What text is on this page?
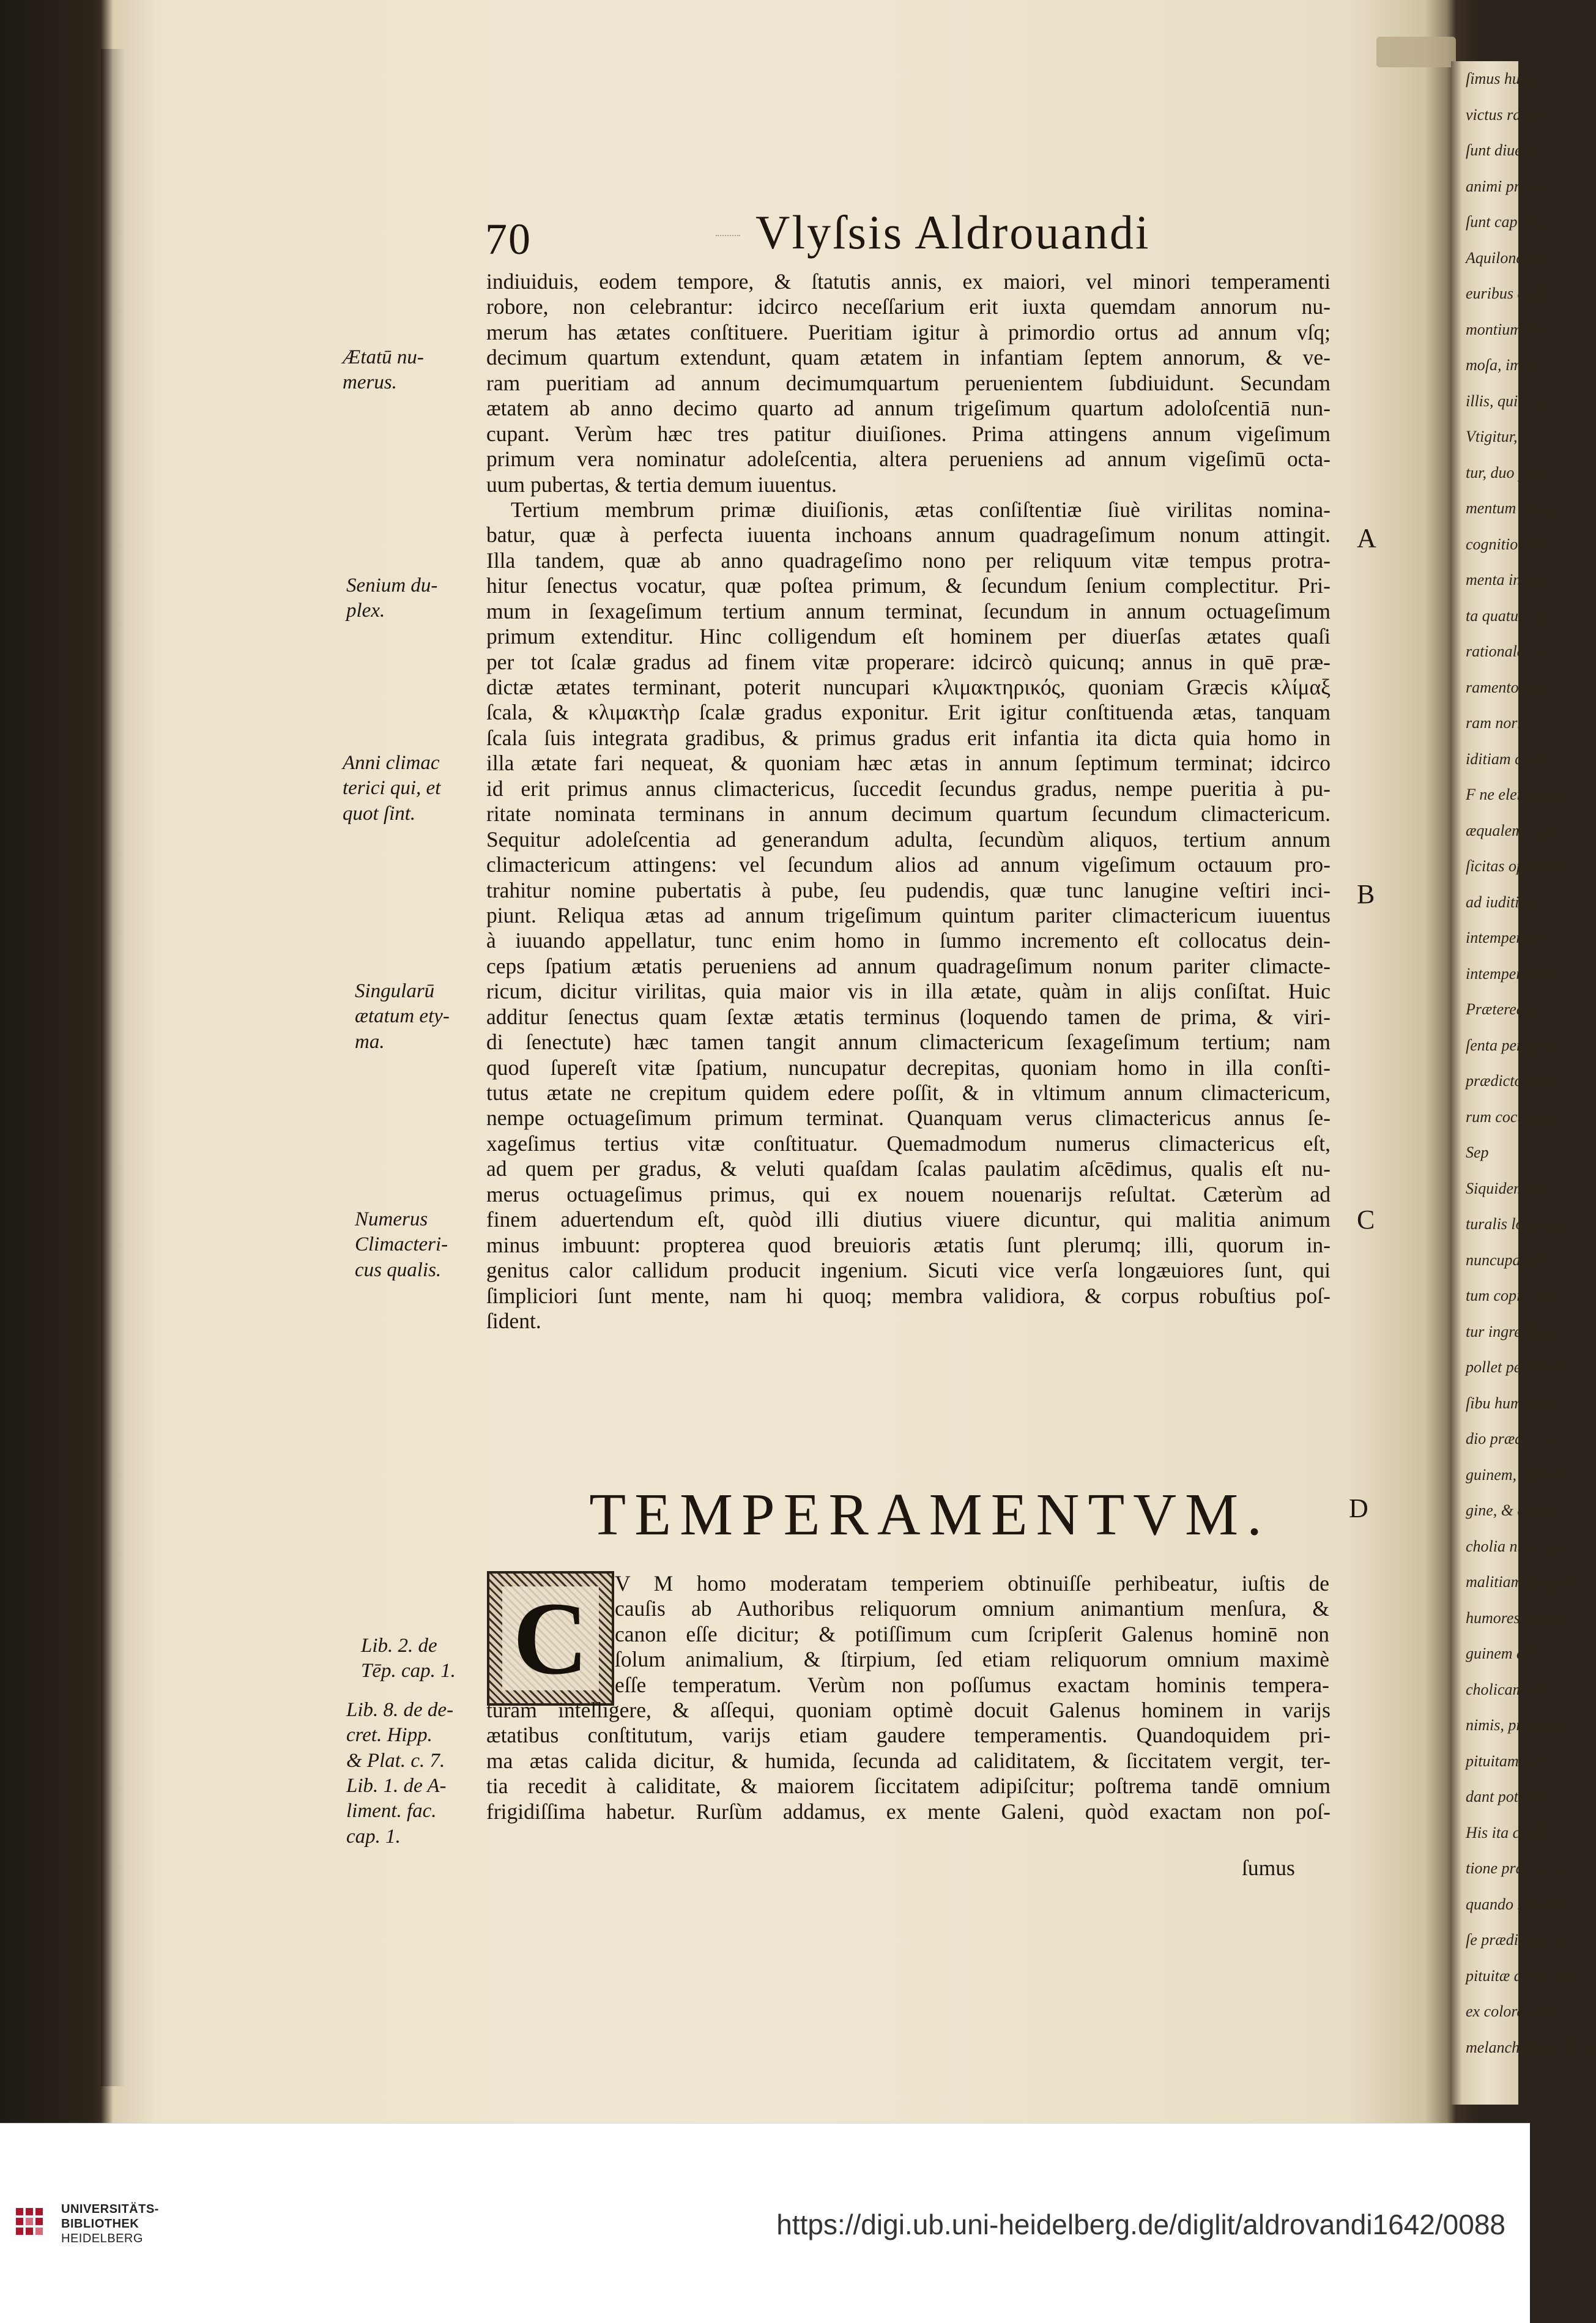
ſimus huma
victus ration
ſunt diuerſa
animi propter
ſunt capillis,
Aquilonarem
euribus craſſ
montium Acc
moſa, immò t
illis, qui in pl
Vtigitur, n
tur, duo præ
mentum aliqu
cognitione hi
menta in hou
ta quatuor ſi
rationales qu
ramentorum
ram norma p
iditiam conſ
F ne elementor
æqualem ad iu
ſicitas operatio
ad iuditiam,
intemperatum
intemperatis v
Præterea e
ſenta per ſpati
prædicto temp
rum coctionem
Sep
Siquidem ali
turalis locata a
nuncupatam t
tum copia refe
tur ingrediatur
pollet per vena
ſibu humani c
dio prædictam
guinem, ſed ma
gine, & alba r
cholia nuncupat
malitiam ſanguir
humores omni t
guinem ad
cholicam terr
nimis, prædicta
pituitam aeri
dant poterit.
His ita conſt
tione prædomin
quando homo e
ſe prædictus: hu
pituitæ dominium
ex colore inter ſ
melancholiam, & ſic
70	Vlyſsis Aldrouandi
indiuiduis, eodem tempore, & ſtatutis annis, ex maiori, vel minori temperamenti
robore, non celebrantur: idcirco neceſſarium erit iuxta quemdam annorum nu-
merum has ætates conſtituere. Pueritiam igitur à primordio ortus ad annum vſq;
decimum quartum extendunt, quam ætatem in infantiam ſeptem annorum, & ve-
ram pueritiam ad annum decimumquartum peruenientem ſubdiuidunt. Secundam
ætatem ab anno decimo quarto ad annum trigeſimum quartum adoloſcentiā nun-
cupant. Verùm hæc tres patitur diuiſiones. Prima attingens annum vigeſimum
primum vera nominatur adoleſcentia, altera perueniens ad annum vigeſimū octa-
uum pubertas, & tertia demum iuuentus.
Tertium membrum primæ diuiſionis, ætas conſiſtentiæ ſiuè virilitas nomina-
batur, quæ à perfecta iuuenta inchoans annum quadrageſimum nonum attingit.
Illa tandem, quæ ab anno quadrageſimo nono per reliquum vitæ tempus protra-
hitur ſenectus vocatur, quæ poſtea primum, & ſecundum ſenium complectitur. Pri-
mum in ſexageſimum tertium annum terminat, ſecundum in annum octuageſimum
primum extenditur. Hinc colligendum eſt hominem per diuerſas ætates quaſi
per tot ſcalæ gradus ad finem vitæ properare: idcircò quicunq; annus in quē præ-
dictæ ætates terminant, poterit nuncupari κλιμακτηρικός, quoniam Græcis κλίμαξ
ſcala, & κλιμακτὴρ ſcalæ gradus exponitur. Erit igitur conſtituenda ætas, tanquam
ſcala ſuis integrata gradibus, & primus gradus erit infantia ita dicta quia homo in
illa ætate fari nequeat, & quoniam hæc ætas in annum ſeptimum terminat; idcirco
id erit primus annus climactericus, ſuccedit ſecundus gradus, nempe pueritia à pu-
ritate nominata terminans in annum decimum quartum ſecundum climactericum.
Sequitur adoleſcentia ad generandum adulta, ſecundùm aliquos, tertium annum
climactericum attingens: vel ſecundum alios ad annum vigeſimum octauum pro-
trahitur nomine pubertatis à pube, ſeu pudendis, quæ tunc lanugine veſtiri inci-
piunt. Reliqua ætas ad annum trigeſimum quintum pariter climactericum iuuentus
à iuuando appellatur, tunc enim homo in ſummo incremento eſt collocatus dein-
ceps ſpatium ætatis perueniens ad annum quadrageſimum nonum pariter climacte-
ricum, dicitur virilitas, quia maior vis in illa ætate, quàm in alijs conſiſtat. Huic
additur ſenectus quam ſextæ ætatis terminus (loquendo tamen de prima, & viri-
di ſenectute) hæc tamen tangit annum climactericum ſexageſimum tertium; nam
quod ſupereſt vitæ ſpatium, nuncupatur decrepitas, quoniam homo in illa conſti-
tutus ætate ne crepitum quidem edere poſſit, & in vltimum annum climactericum,
nempe octuageſimum primum terminat. Quanquam verus climactericus annus ſe-
xageſimus tertius vitæ conſtituatur. Quemadmodum numerus climactericus eſt,
ad quem per gradus, & veluti quaſdam ſcalas paulatim aſcēdimus, qualis eſt nu-
merus octuageſimus primus, qui ex nouem nouenarijs reſultat. Cæterùm ad
finem aduertendum eſt, quòd illi diutius viuere dicuntur, qui malitia animum
minus imbuunt: propterea quod breuioris ætatis ſunt plerumq; illi, quorum in-
genitus calor callidum producit ingenium. Sicuti vice verſa longæuiores ſunt, qui
ſimpliciori ſunt mente, nam hi quoq; membra validiora, & corpus robuſtius poſ-
ſident.
Ætatū nu-
merus.
Senium du-
plex.
Anni climac
terici qui, et
quot ſint.
Singularū
ætatum ety-
ma.
Numerus
Climacteri-
cus qualis.
Lib. 2. de
Tēp. cap. 1.
Lib. 8. de de-
cret. Hipp.
& Plat. c. 7.
Lib. 1. de A-
liment. fac.
cap. 1.
A
B
C
D
TEMPERAMENTVM.
C	V M homo moderatam temperiem obtinuiſſe perhibeatur, iuſtis de
cauſis ab Authoribus reliquorum omnium animantium menſura, &
canon eſſe dicitur; & potiſſimum cum ſcripſerit Galenus hominē non
ſolum animalium, & ſtirpium, ſed etiam reliquorum omnium maximè
eſſe temperatum. Verùm non poſſumus exactam hominis tempera-
turam intelligere, & aſſequi, quoniam optimè docuit Galenus hominem in varijs
ætatibus conſtitutum, varijs etiam gaudere temperamentis. Quandoquidem pri-
ma ætas calida dicitur, & humida, ſecunda ad caliditatem, & ſiccitatem vergit, ter-
tia recedit à caliditate, & maiorem ſiccitatem adipiſcitur; poſtrema tandē omnium
frigidiſſima habetur. Rurſùm addamus, ex mente Galeni, quòd exactam non poſ-
ſumus
UNIVERSITÄTS-
BIBLIOTHEK
HEIDELBERG	https://digi.ub.uni-heidelberg.de/diglit/aldrovandi1642/0088
